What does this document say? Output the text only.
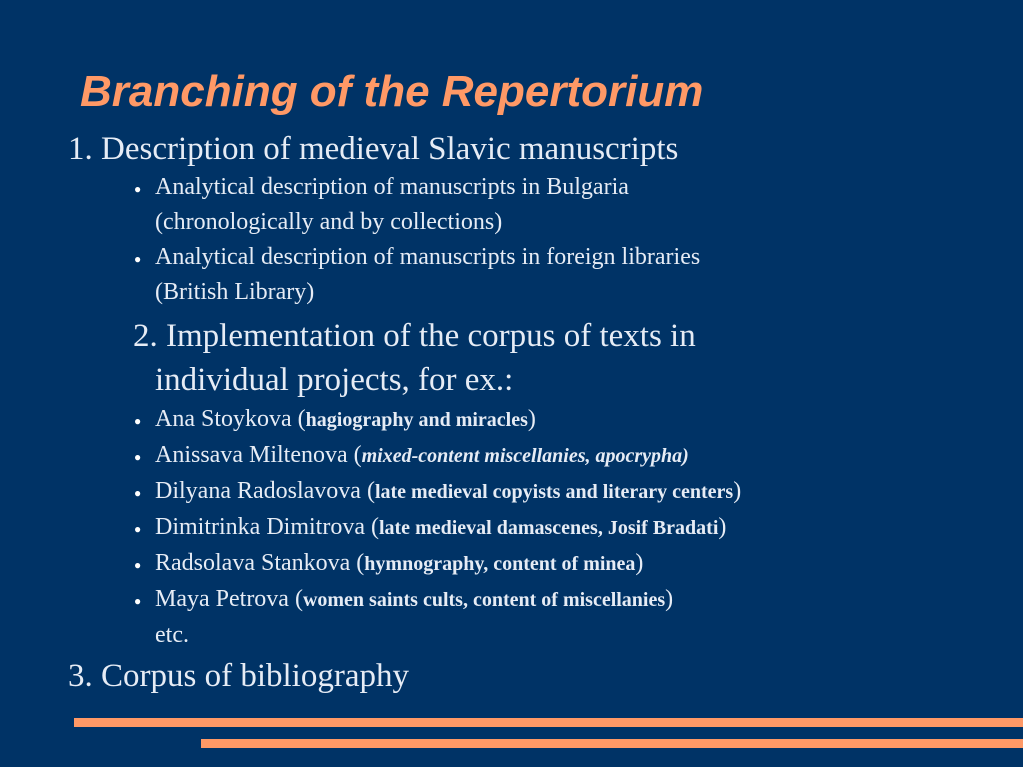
Branching of the Repertorium

1. Description of medieval Slavic manuscripts

● Analytical description of manuscripts in Bulgaria
(chronologically and by collections)
● Analytical description of manuscripts in foreign libraries
(British Library)
2. Implementation of the corpus of texts in
individual projects, for ex.:
● Ana Stoykova (hagiography and miracles)
● Anissava Miltenova (mixed-content miscellanies, apocrypha)
● Dilyana Radoslavova (late medieval copyists and literary centers)
● Dimitrinka Dimitrova (late medieval damascenes, Josif Bradati)
● Radsolava Stankova (hymnography, content of minea)
● Maya Petrova (women saints cults, content of miscellanies)
etc.

3. Corpus of bibliography
